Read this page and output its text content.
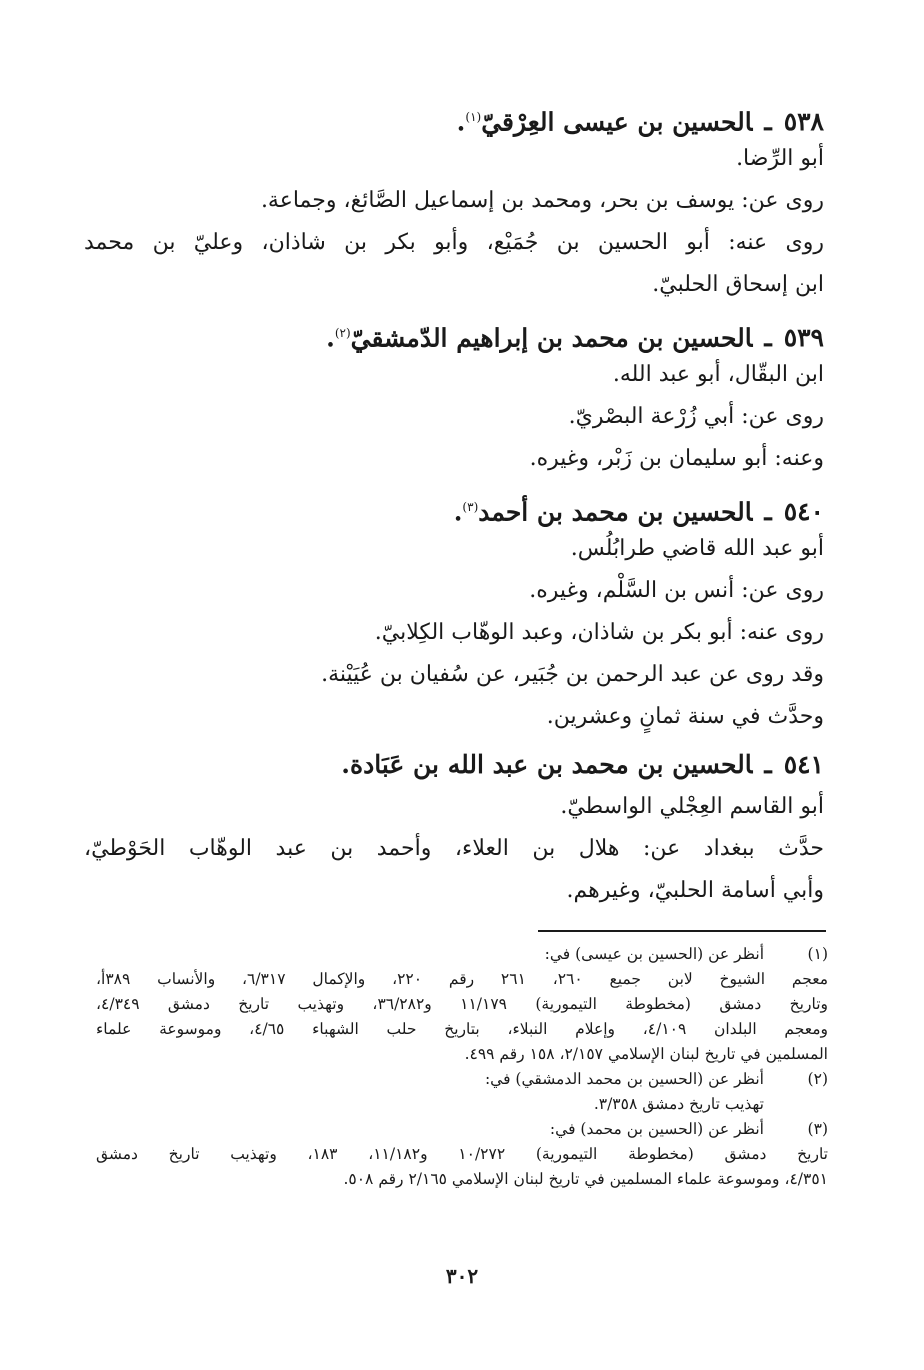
٥٣٨ـالحسين بن عيسى العِرْقيّ$^{(١)}$.
أبو الرِّضا.
روى عن: يوسف بن بحر، ومحمد بن إسماعيل الصَّائغ، وجماعة.
روى عنه: أبو الحسين بن جُمَيْع، وأبو بكر بن شاذان، وعليّ بن محمد
ابن إسحاق الحلبيّ.
٥٣٩ـالحسين بن محمد بن إبراهيم الدّمشقيّ$^{(٢)}$.
ابن البقّال، أبو عبد الله.
روى عن: أبي زُرْعة البصْريّ.
وعنه: أبو سليمان بن زَبْر، وغيره.
٥٤٠ـالحسين بن محمد بن أحمد$^{(٣)}$.
أبو عبد الله قاضي طرابُلُس.
روى عن: أنس بن السَّلْم، وغيره.
روى عنه: أبو بكر بن شاذان، وعبد الوهّاب الكِلابيّ.
وقد روى عن عبد الرحمن بن جُبَير، عن سُفيان بن عُيَيْنة.
وحدَّث في سنة ثمانٍ وعشرين.
٥٤١ـالحسين بن محمد بن عبد الله بن عَبَادة.
أبو القاسم العِجْلي الواسطيّ.
حدَّث ببغداد عن: هلال بن العلاء، وأحمد بن عبد الوهّاب الحَوْطيّ،
وأبي أسامة الحلبيّ، وغيرهم.
(١)
أنظر عن (الحسين بن عيسى) في:
معجم الشيوخ لابن جميع ٢٦٠، ٢٦١ رقم ٢٢٠، والإكمال ٦/٣١٧، والأنساب ٣٨٩أ،
وتاريخ دمشق (مخطوطة التيمورية) ١١/١٧٩ و٣٦/٢٨٢، وتهذيب تاريخ دمشق ٤/٣٤٩،
ومعجم البلدان ٤/١٠٩، وإعلام النبلاء، بتاريخ حلب الشهباء ٤/٦٥، وموسوعة علماء
المسلمين في تاريخ لبنان الإسلامي ٢/١٥٧، ١٥٨ رقم ٤٩٩.
(٢)
أنظر عن (الحسين بن محمد الدمشقي) في:
تهذيب تاريخ دمشق ٣/٣٥٨.
(٣)
أنظر عن (الحسين بن محمد) في:
تاريخ دمشق (مخطوطة التيمورية) ١٠/٢٧٢ و١١/١٨٢، ١٨٣، وتهذيب تاريخ دمشق
٤/٣٥١، وموسوعة علماء المسلمين في تاريخ لبنان الإسلامي ٢/١٦٥ رقم ٥٠٨.
٣٠٢
